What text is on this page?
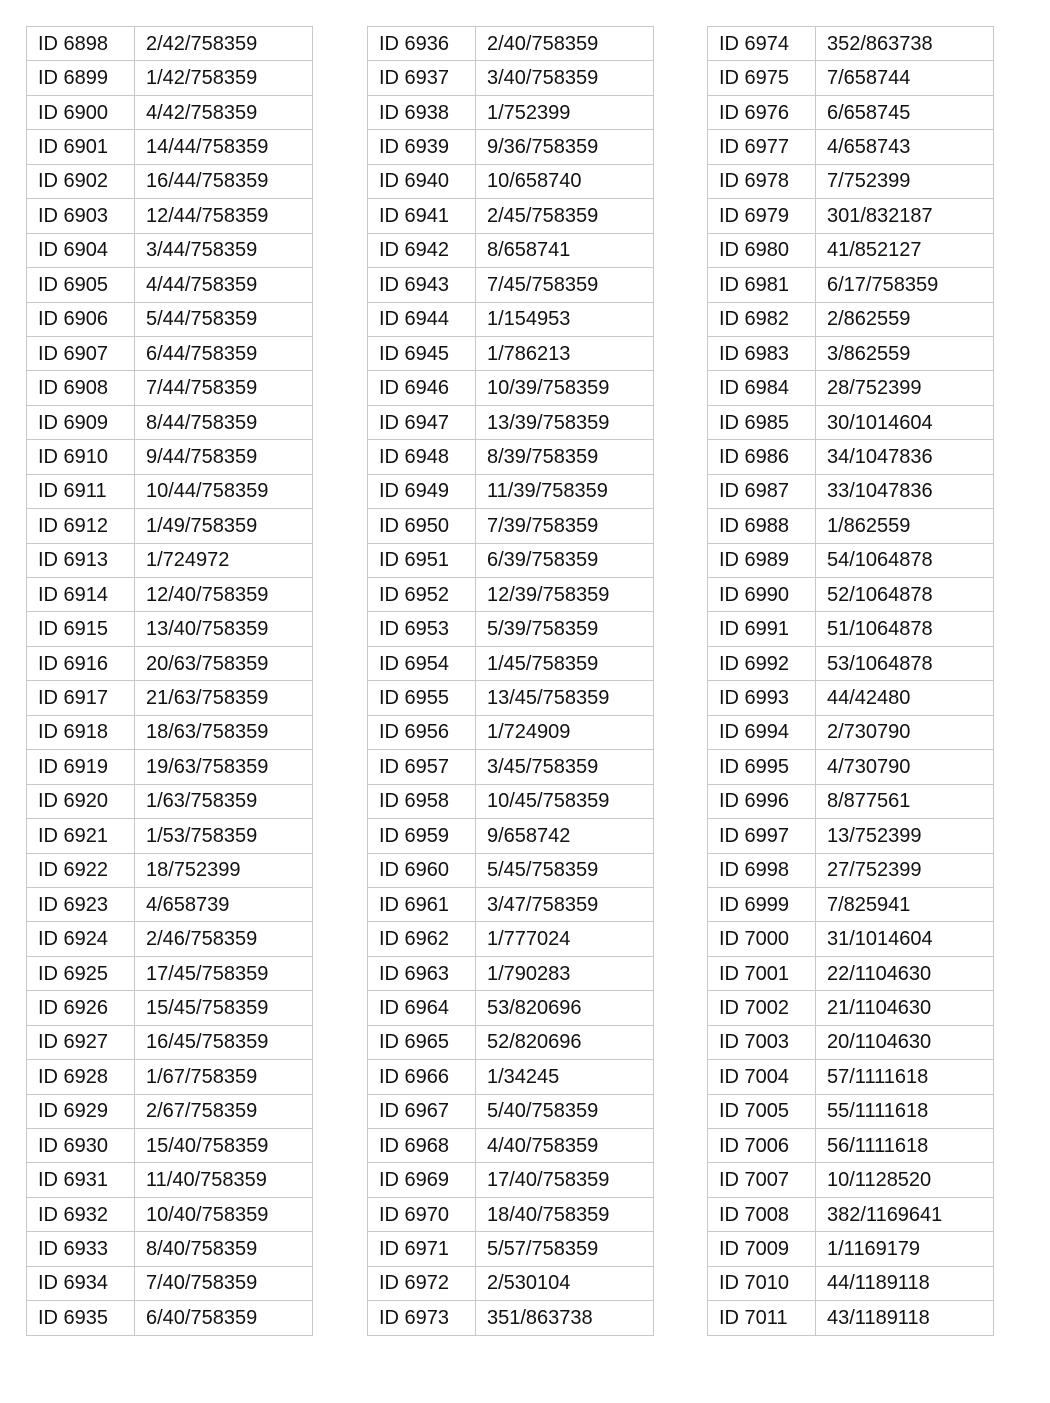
ID 6898	2/42/758359
ID 6899	1/42/758359
ID 6900	4/42/758359
ID 6901	14/44/758359
ID 6902	16/44/758359
ID 6903	12/44/758359
ID 6904	3/44/758359
ID 6905	4/44/758359
ID 6906	5/44/758359
ID 6907	6/44/758359
ID 6908	7/44/758359
ID 6909	8/44/758359
ID 6910	9/44/758359
ID 6911	10/44/758359
ID 6912	1/49/758359
ID 6913	1/724972
ID 6914	12/40/758359
ID 6915	13/40/758359
ID 6916	20/63/758359
ID 6917	21/63/758359
ID 6918	18/63/758359
ID 6919	19/63/758359
ID 6920	1/63/758359
ID 6921	1/53/758359
ID 6922	18/752399
ID 6923	4/658739
ID 6924	2/46/758359
ID 6925	17/45/758359
ID 6926	15/45/758359
ID 6927	16/45/758359
ID 6928	1/67/758359
ID 6929	2/67/758359
ID 6930	15/40/758359
ID 6931	11/40/758359
ID 6932	10/40/758359
ID 6933	8/40/758359
ID 6934	7/40/758359
ID 6935	6/40/758359
ID 6936	2/40/758359
ID 6937	3/40/758359
ID 6938	1/752399
ID 6939	9/36/758359
ID 6940	10/658740
ID 6941	2/45/758359
ID 6942	8/658741
ID 6943	7/45/758359
ID 6944	1/154953
ID 6945	1/786213
ID 6946	10/39/758359
ID 6947	13/39/758359
ID 6948	8/39/758359
ID 6949	11/39/758359
ID 6950	7/39/758359
ID 6951	6/39/758359
ID 6952	12/39/758359
ID 6953	5/39/758359
ID 6954	1/45/758359
ID 6955	13/45/758359
ID 6956	1/724909
ID 6957	3/45/758359
ID 6958	10/45/758359
ID 6959	9/658742
ID 6960	5/45/758359
ID 6961	3/47/758359
ID 6962	1/777024
ID 6963	1/790283
ID 6964	53/820696
ID 6965	52/820696
ID 6966	1/34245
ID 6967	5/40/758359
ID 6968	4/40/758359
ID 6969	17/40/758359
ID 6970	18/40/758359
ID 6971	5/57/758359
ID 6972	2/530104
ID 6973	351/863738
ID 6974	352/863738
ID 6975	7/658744
ID 6976	6/658745
ID 6977	4/658743
ID 6978	7/752399
ID 6979	301/832187
ID 6980	41/852127
ID 6981	6/17/758359
ID 6982	2/862559
ID 6983	3/862559
ID 6984	28/752399
ID 6985	30/1014604
ID 6986	34/1047836
ID 6987	33/1047836
ID 6988	1/862559
ID 6989	54/1064878
ID 6990	52/1064878
ID 6991	51/1064878
ID 6992	53/1064878
ID 6993	44/42480
ID 6994	2/730790
ID 6995	4/730790
ID 6996	8/877561
ID 6997	13/752399
ID 6998	27/752399
ID 6999	7/825941
ID 7000	31/1014604
ID 7001	22/1104630
ID 7002	21/1104630
ID 7003	20/1104630
ID 7004	57/1111618
ID 7005	55/1111618
ID 7006	56/1111618
ID 7007	10/1128520
ID 7008	382/1169641
ID 7009	1/1169179
ID 7010	44/1189118
ID 7011	43/1189118
